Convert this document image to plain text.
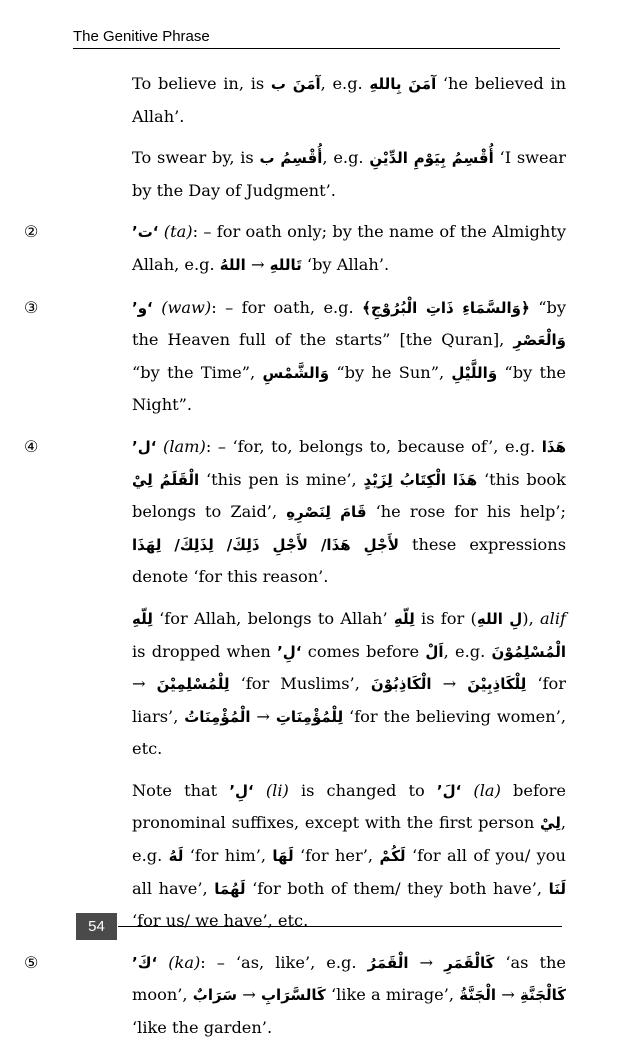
The Genitive Phrase

To believe in, is آمَنَ ب, e.g. آمَنَ بِاللهِ ‘he believed in Allah’.

To swear by, is أُقْسِمُ ب, e.g. أُقْسِمُ بِيَوْمِ الدِّيْنِ ‘I swear by the Day of Judgment’.

②	‘ت’ (ta): – for oath only; by the name of the Almighty Allah, e.g. اللهُ → تَاللهِ ‘by Allah’.

③	‘و’ (waw): – for oath, e.g. ﴿وَالسَّمَاءِ ذَاتِ الْبُرُوْجِ﴾ “by the Heaven full of the starts” [the Quran], وَالْعَصْرِ “by the Time”, وَالشَّمْسِ “by he Sun”, وَاللَّيْلِ “by the Night”.

④	‘ل’ (lam): – ‘for, to, belongs to, because of’, e.g. هَذَا الْقَلَمُ لِيْ ‘this pen is mine’, هَذَا الْكِتَابُ لِزَيْدٍ ‘this book belongs to Zaid’, قَامَ لِنَصْرِهِ ‘he rose for his help’; لأَجْلِ هَذَا/ لأَجْلِ ذَلِكَ/ لِذَلِكَ/ لِهَذَا these expressions denote ‘for this reason’.

لِلّهِ ‘for Allah, belongs to Allah’ لِلّهِ is for (لِ اللهِ), alif is dropped when ‘لِ’ comes before اَلْ, e.g. الْمُسْلِمُوْنَ → لِلْمُسْلِمِيْنَ ‘for Muslims’, الْكَاذِبُوْنَ → لِلْكَاذِبِيْنَ ‘for liars’, الْمُؤْمِنَاتُ → لِلْمُؤْمِنَاتِ ‘for the believing women’, etc.

Note that ‘لِ’ (li) is changed to ‘لَ’ (la) before pronominal suffixes, except with the first person لِيْ, e.g. لَهُ ‘for him’, لَهَا ‘for her’, لَكُمْ ‘for all of you/ you all have’, لَهُمَا ‘for both of them/ they both have’, لَنَا ‘for us/ we have’, etc.

⑤	‘كَ’ (ka): – ‘as, like’, e.g. الْقَمَرُ → كَالْقَمَرِ ‘as the moon’, سَرَابٌ → كَالسَّرَابِ ‘like a mirage’, الْجَنَّةُ → كَالْجَنَّةِ ‘like the garden’.

54
